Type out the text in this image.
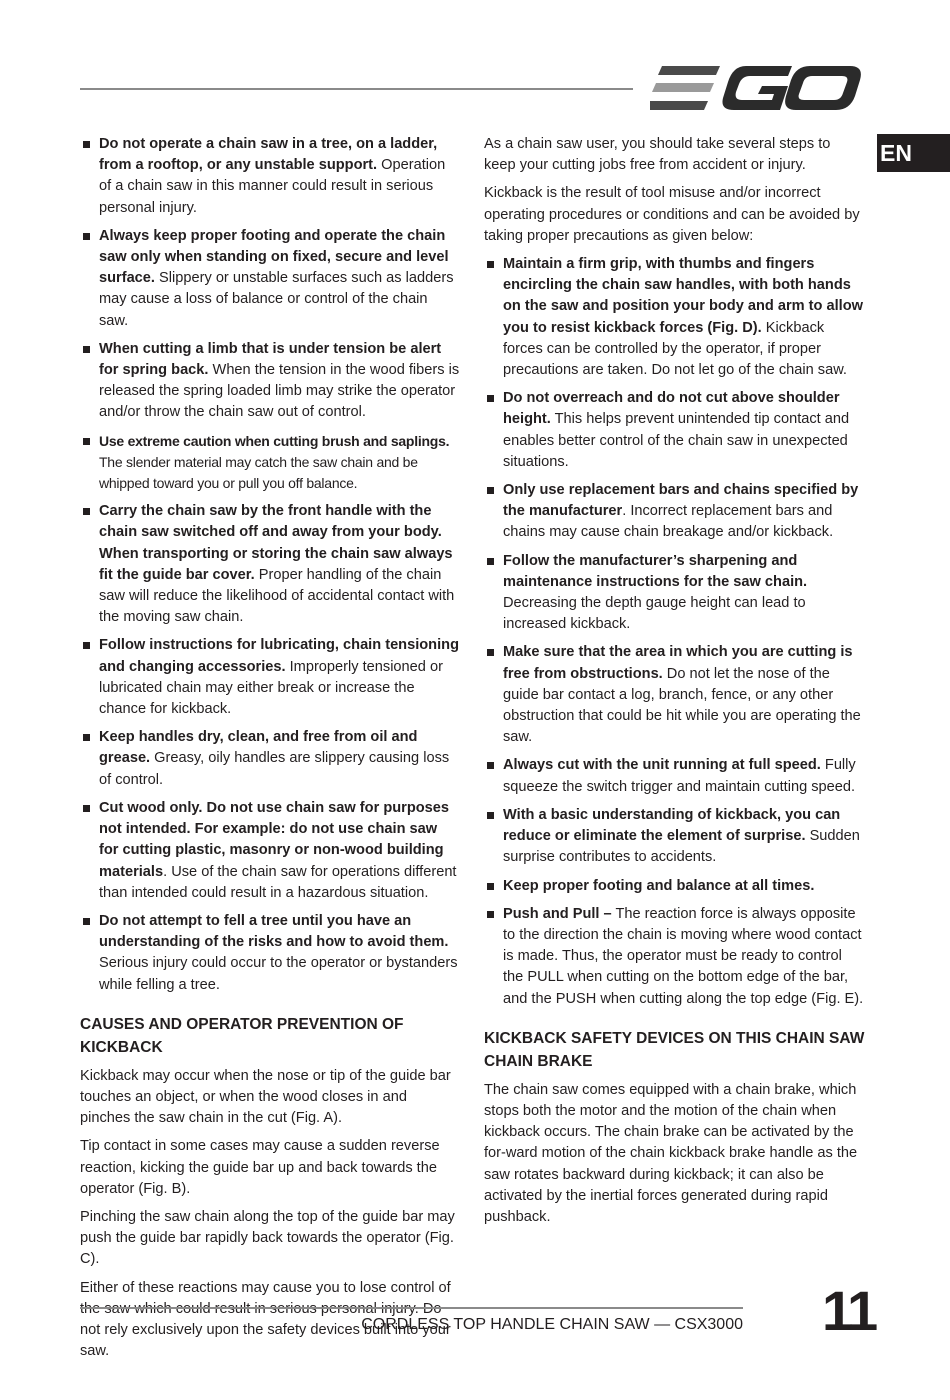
EN
Do not operate a chain saw in a tree, on a ladder, from a rooftop, or any unstable support. Operation of a chain saw in this manner could result in serious personal injury.
Always keep proper footing and operate the chain saw only when standing on fixed, secure and level surface. Slippery or unstable surfaces such as ladders may cause a loss of balance or control of the chain saw.
When cutting a limb that is under tension be alert for spring back. When the tension in the wood fibers is released the spring loaded limb may strike the operator and/or throw the chain saw out of control.
Use extreme caution when cutting brush and saplings. The slender material may catch the saw chain and be whipped toward you or pull you off balance.
Carry the chain saw by the front handle with the chain saw switched off and away from your body. When transporting or storing the chain saw always fit the guide bar cover. Proper handling of the chain saw will reduce the likelihood of accidental contact with the moving saw chain.
Follow instructions for lubricating, chain tensioning and changing accessories. Improperly tensioned or lubricated chain may either break or increase the chance for kickback.
Keep handles dry, clean, and free from oil and grease. Greasy, oily handles are slippery causing loss of control.
Cut wood only. Do not use chain saw for purposes not intended. For example: do not use chain saw for cutting plastic, masonry or non-wood building materials. Use of the chain saw for operations different than intended could result in a hazardous situation.
Do not attempt to fell a tree until you have an understanding of the risks and how to avoid them. Serious injury could occur to the operator or bystanders while felling a tree.
CAUSES AND OPERATOR PREVENTION OF KICKBACK

Kickback may occur when the nose or tip of the guide bar touches an object, or when the wood closes in and pinches the saw chain in the cut (Fig. A).

Tip contact in some cases may cause a sudden reverse reaction, kicking the guide bar up and back towards the operator (Fig. B).

Pinching the saw chain along the top of the guide bar may push the guide bar rapidly back towards the operator (Fig. C).

Either of these reactions may cause you to lose control of not rely exclusively upon the safety devices built into your saw.

As a chain saw user, you should take several steps to keep your cutting jobs free from accident or injury.

Kickback is the result of tool misuse and/or incorrect operating procedures or conditions and can be avoided by taking proper precautions as given below:

Maintain a firm grip, with thumbs and fingers encircling the chain saw handles, with both hands on the saw and position your body and arm to allow you to resist kickback forces (Fig. D). Kickback forces can be controlled by the operator, if proper precautions are taken. Do not let go of the chain saw.
Do not overreach and do not cut above shoulder height. This helps prevent unintended tip contact and enables better control of the chain saw in unexpected situations.
Only use replacement bars and chains specified by the manufacturer. Incorrect replacement bars and chains may cause chain breakage and/or kickback.
Follow the manufacturer’s sharpening and maintenance instructions for the saw chain. Decreasing the depth gauge height can lead to increased kickback.
Make sure that the area in which you are cutting is free from obstructions. Do not let the nose of the guide bar contact a log, branch, fence, or any other obstruction that could be hit while you are operating the saw.
Always cut with the unit running at full speed. Fully squeeze the switch trigger and maintain cutting speed.
With a basic understanding of kickback, you can reduce or eliminate the element of surprise. Sudden surprise contributes to accidents.
Keep proper footing and balance at all times.
Push and Pull – The reaction force is always opposite to the direction the chain is moving where wood contact is made. Thus, the operator must be ready to control the PULL when cutting on the bottom edge of the bar, and the PUSH when cutting along the top edge (Fig. E).
KICKBACK SAFETY DEVICES ON THIS CHAIN SAW CHAIN BRAKE

The chain saw comes equipped with a chain brake, which stops both the motor and the motion of the chain when kickback occurs. The chain brake can be activated by the for-ward motion of the chain kickback brake handle as the saw rotates backward during kickback; it can also be activated by the inertial forces generated during rapid pushback.

CORDLESS TOP HANDLE CHAIN SAW — CSX3000 11
